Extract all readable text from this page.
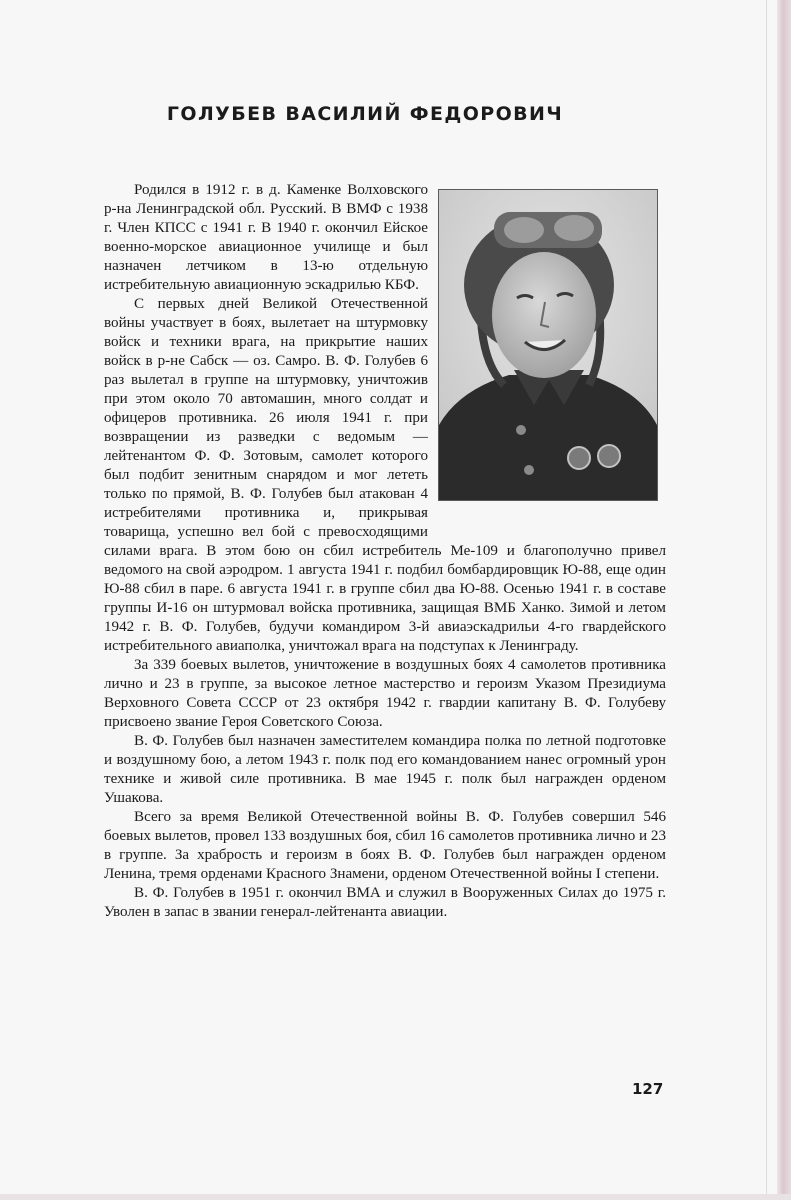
ГОЛУБЕВ ВАСИЛИЙ ФЕДОРОВИЧ

Родился в 1912 г. в д. Каменке Волховского р-на Ленинградской обл. Русский. В ВМФ с 1938 г. Член КПСС с 1941 г. В 1940 г. окончил Ейское военно-морское авиационное училище и был назначен летчиком в 13-ю отдельную истребительную авиационную эскадрилью КБФ.

С первых дней Великой Отечественной войны участвует в боях, вылетает на штурмовку войск и техники врага, на прикрытие наших войск в р-не Сабск — оз. Самро. В. Ф. Голубев 6 раз вылетал в группе на штурмовку, уничтожив при этом около 70 автомашин, много солдат и офицеров противника. 26 июля 1941 г. при возвращении из разведки с ведомым — лейтенантом Ф. Ф. Зотовым, самолет которого был подбит зенитным снарядом и мог лететь только по прямой, В. Ф. Голубев был атакован 4 истребителями противника и, прикрывая товарища, успешно вел бой с превосходящими силами врага. В этом бою он сбил истребитель Ме-109 и благополучно привел ведомого на свой аэродром. 1 августа 1941 г. подбил бомбардировщик Ю-88, еще один Ю-88 сбил в паре. 6 августа 1941 г. в группе сбил два Ю-88. Осенью 1941 г. в составе группы И-16 он штурмовал войска противника, защищая ВМБ Ханко. Зимой и летом 1942 г. В. Ф. Голубев, будучи командиром 3-й авиаэскадрильи 4-го гвардейского истребительного авиаполка, уничтожал врага на подступах к Ленинграду.

За 339 боевых вылетов, уничтожение в воздушных боях 4 самолетов противника лично и 23 в группе, за высокое летное мастерство и героизм Указом Президиума Верховного Совета СССР от 23 октября 1942 г. гвардии капитану В. Ф. Голубеву присвоено звание Героя Советского Союза.

В. Ф. Голубев был назначен заместителем командира полка по летной подготовке и воздушному бою, а летом 1943 г. полк под его командованием нанес огромный урон технике и живой силе противника. В мае 1945 г. полк был награжден орденом Ушакова.

Всего за время Великой Отечественной войны В. Ф. Голубев совершил 546 боевых вылетов, провел 133 воздушных боя, сбил 16 самолетов противника лично и 23 в группе. За храбрость и героизм в боях В. Ф. Голубев был награжден орденом Ленина, тремя орденами Красного Знамени, орденом Отечественной войны I степени.

В. Ф. Голубев в 1951 г. окончил ВМА и служил в Вооруженных Силах до 1975 г. Уволен в запас в звании генерал-лейтенанта авиации.

127
